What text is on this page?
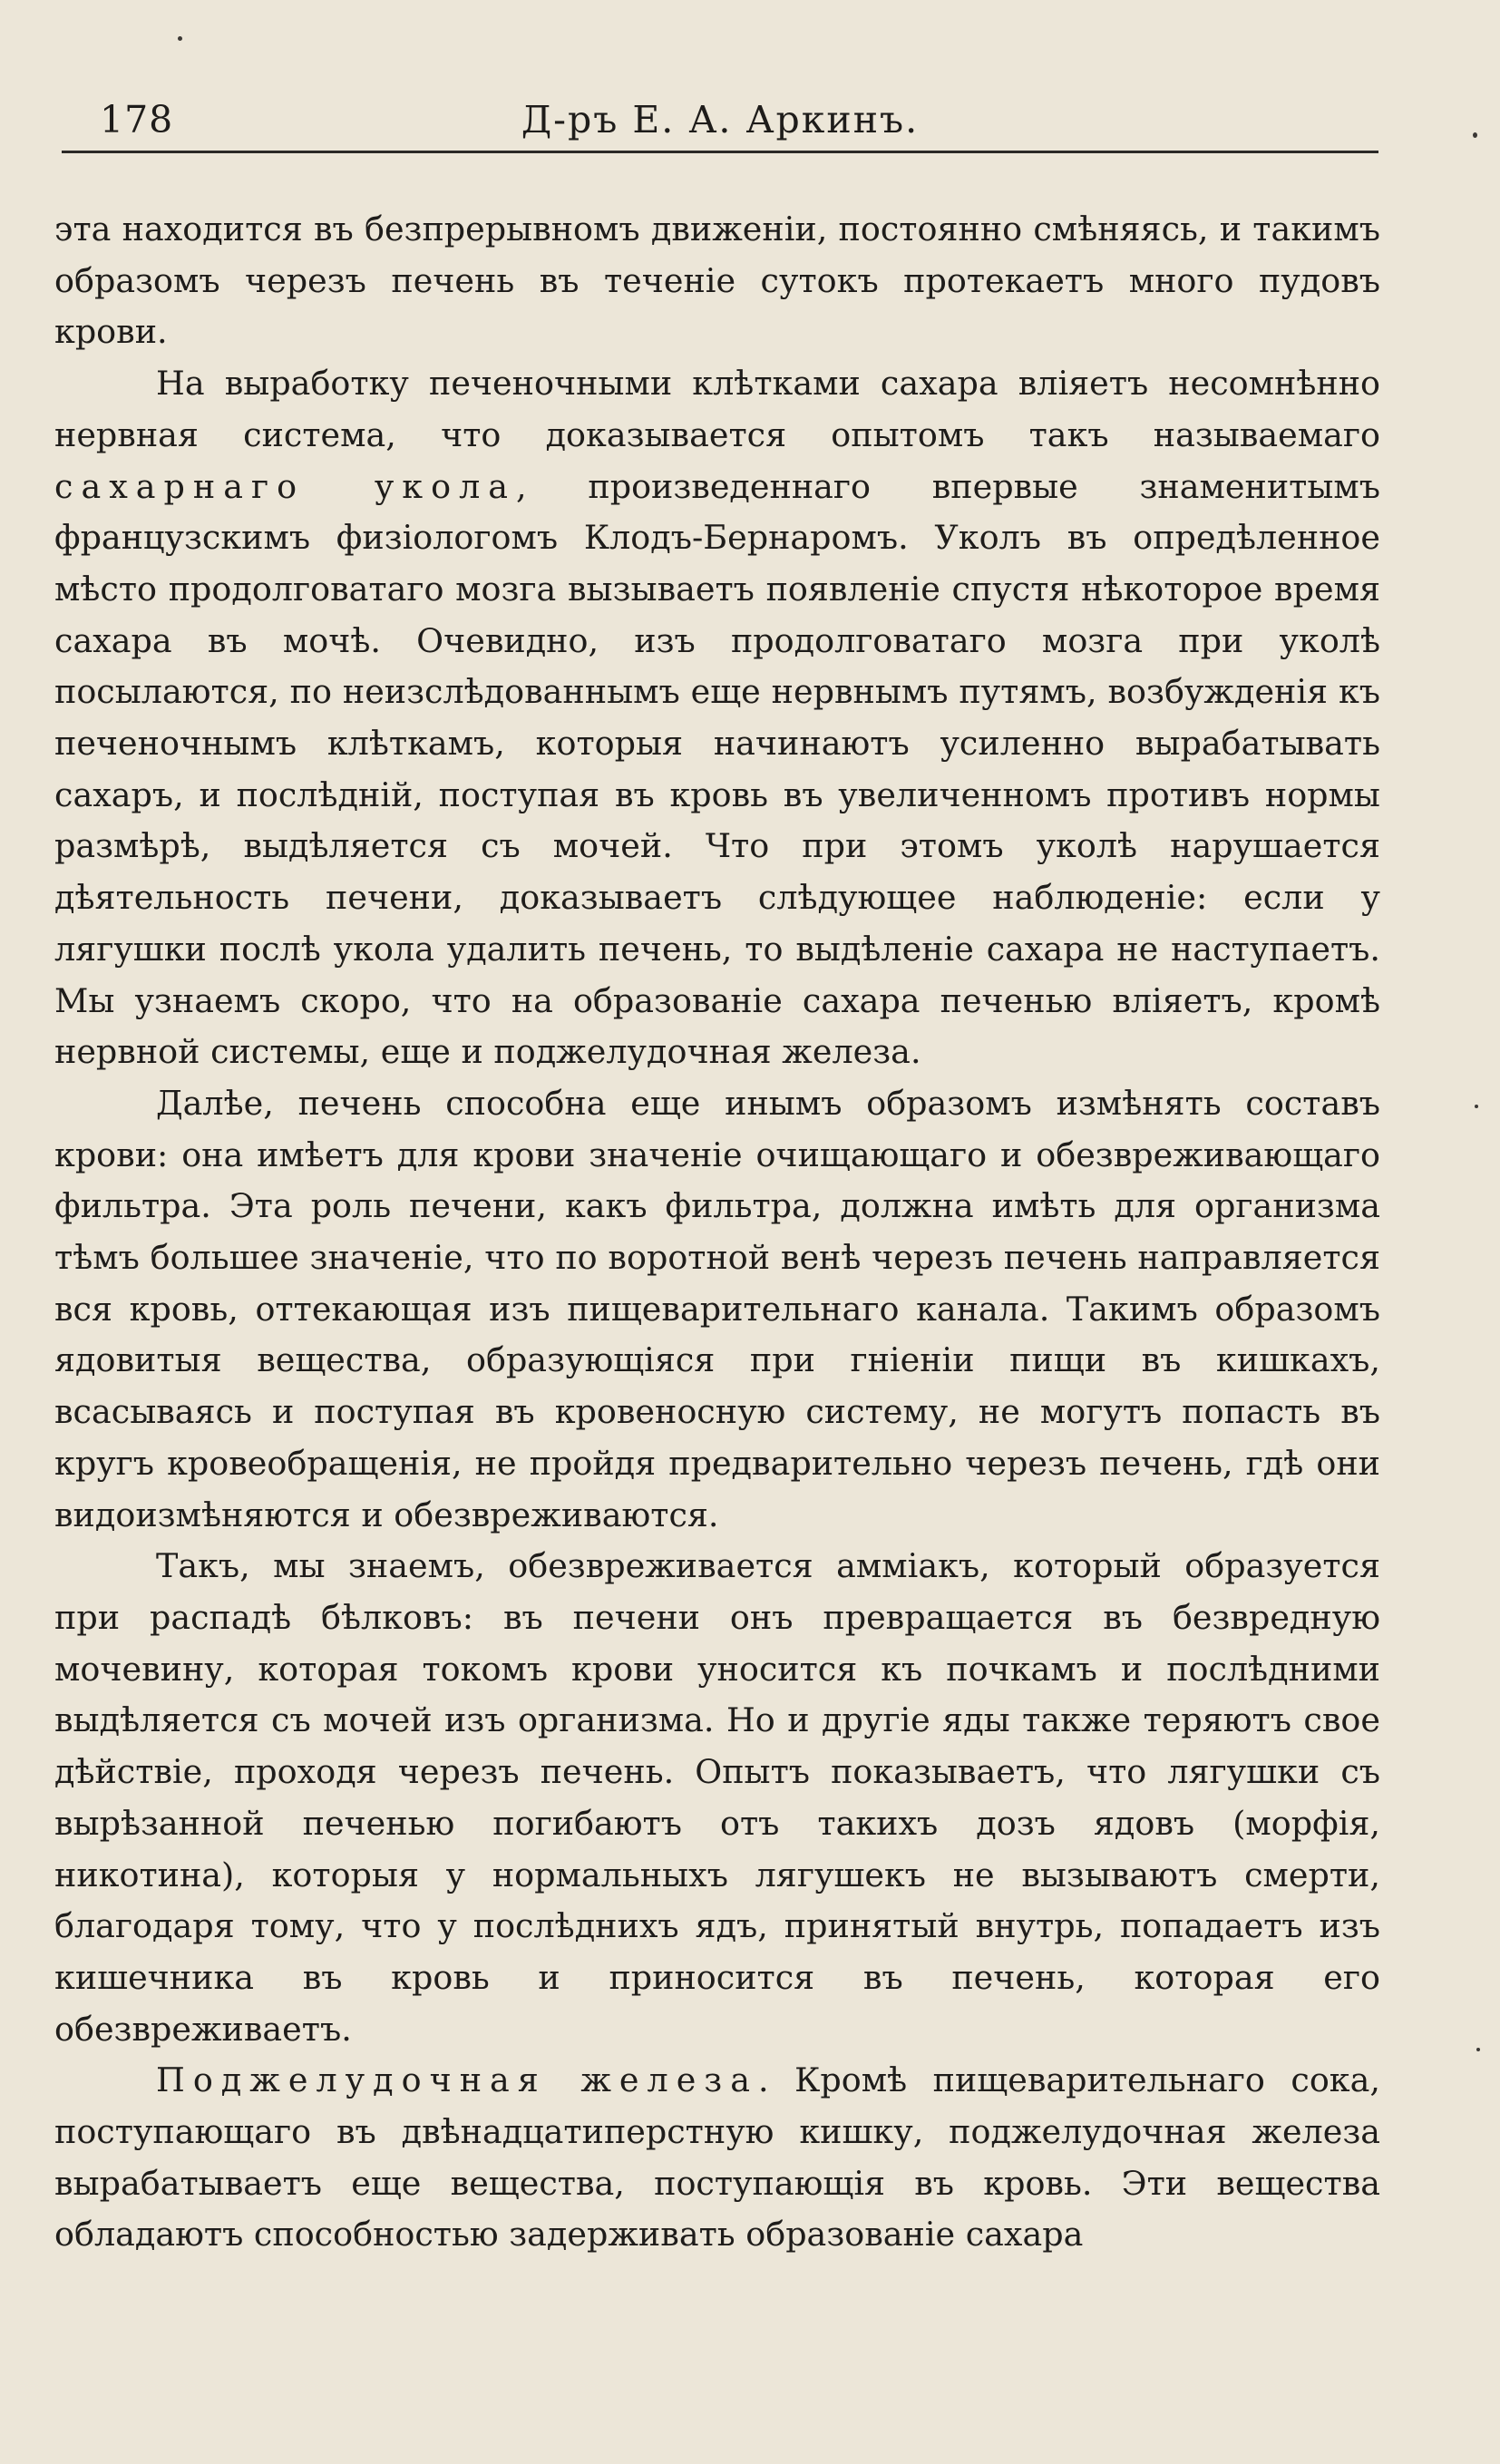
178	Д-ръ Е. А. Аркинъ.

эта находится въ безпрерывномъ движеніи, постоянно смѣняясь, и такимъ образомъ черезъ печень въ теченіе сутокъ протекаетъ много пудовъ крови.

На выработку печеночными клѣтками сахара вліяетъ несомнѣнно нервная система, что доказывается опытомъ такъ называемаго сахарнаго укола, произведеннаго впервые знаменитымъ французскимъ физіологомъ Клодъ-Бернаромъ. Уколъ въ опредѣленное мѣсто продолговатаго мозга вызываетъ появленіе спустя нѣкоторое время сахара въ мочѣ. Очевидно, изъ продолговатаго мозга при уколѣ посылаются, по неизслѣдованнымъ еще нервнымъ путямъ, возбужденія къ печеночнымъ клѣткамъ, которыя начинаютъ усиленно вырабатывать сахаръ, и послѣдній, поступая въ кровь въ увеличенномъ противъ нормы размѣрѣ, выдѣляется съ мочей. Что при этомъ уколѣ нарушается дѣятельность печени, доказываетъ слѣдующее наблюденіе: если у лягушки послѣ укола удалить печень, то выдѣленіе сахара не наступаетъ. Мы узнаемъ скоро, что на образованіе сахара печенью вліяетъ, кромѣ нервной системы, еще и поджелудочная железа.

Далѣе, печень способна еще инымъ образомъ измѣнять составъ крови: она имѣетъ для крови значеніе очищающаго и обезвреживающаго фильтра. Эта роль печени, какъ фильтра, должна имѣть для организма тѣмъ большее значеніе, что по воротной венѣ черезъ печень направляется вся кровь, оттекающая изъ пищеварительнаго канала. Такимъ образомъ ядовитыя вещества, образующіяся при гніеніи пищи въ кишкахъ, всасываясь и поступая въ кровеносную систему, не могутъ попасть въ кругъ кровеобращенія, не пройдя предварительно черезъ печень, гдѣ они видоизмѣняются и обезвреживаются.

Такъ, мы знаемъ, обезвреживается амміакъ, который образуется при распадѣ бѣлковъ: въ печени онъ превращается въ безвредную мочевину, которая токомъ крови уносится къ почкамъ и послѣдними выдѣляется съ мочей изъ организма. Но и другіе яды также теряютъ свое дѣйствіе, проходя черезъ печень. Опытъ показываетъ, что лягушки съ вырѣзанной печенью погибаютъ отъ такихъ дозъ ядовъ (морфія, никотина), которыя у нормальныхъ лягушекъ не вызываютъ смерти, благодаря тому, что у послѣднихъ ядъ, принятый внутрь, попадаетъ изъ кишечника въ кровь и приносится въ печень, которая его обезвреживаетъ.

Поджелудочная железа. Кромѣ пищеварительнаго сока, поступающаго въ двѣнадцатиперстную кишку, поджелудочная железа вырабатываетъ еще вещества, поступающія въ кровь. Эти вещества обладаютъ способностью задерживать образованіе сахара
